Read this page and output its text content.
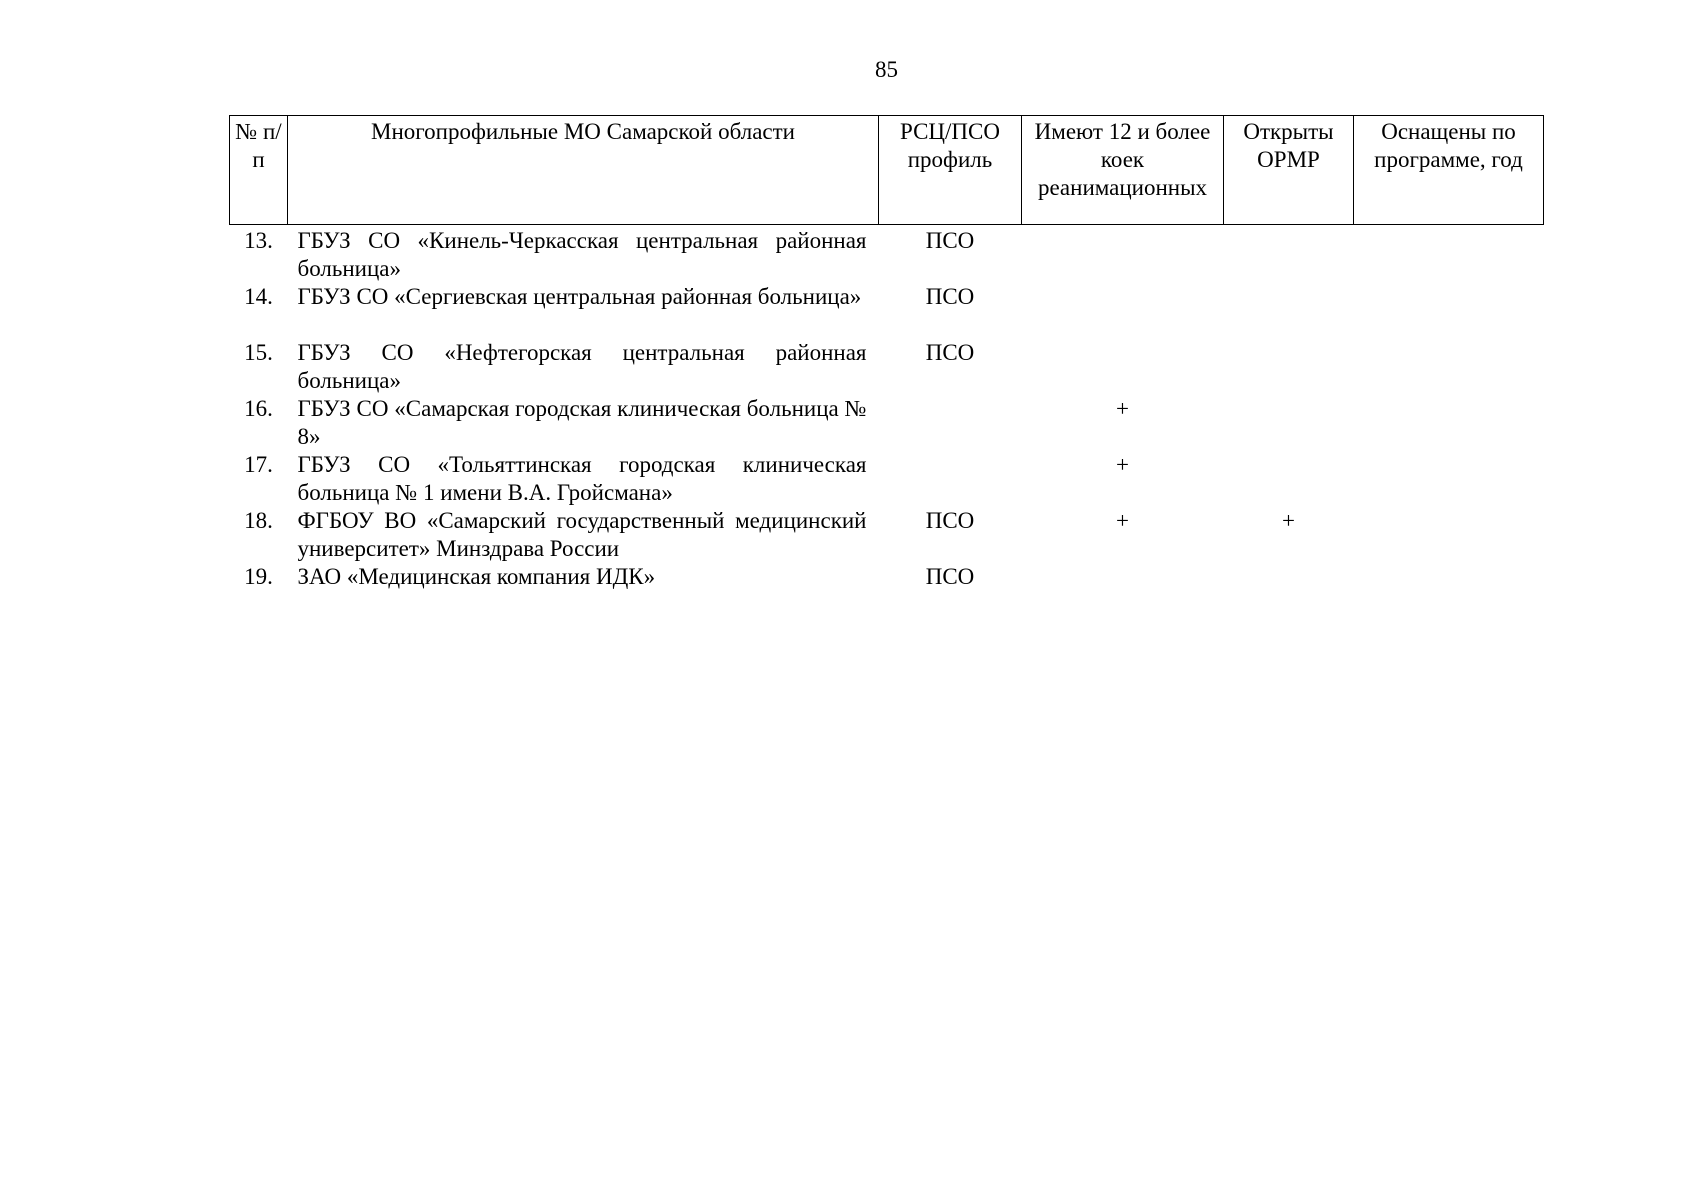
85
№ п/п	Многопрофильные МО Самарской области	РСЦ/ПСО профиль	Имеют 12 и более коек реанимационных	Открыты ОРМР	Оснащены по программе, год
13.	ГБУЗ СО «Кинель-Черкасская центральная районная больница»	ПСО			
14.	ГБУЗ СО «Сергиевская центральная районная больница»	ПСО			
15.	ГБУЗ СО «Нефтегорская центральная районная больница»	ПСО			
16.	ГБУЗ СО «Самарская городская клиническая больница № 8»		+		
17.	ГБУЗ СО «Тольяттинская городская клиническая больница № 1 имени В.А. Гройсмана»		+		
18.	ФГБОУ ВО «Самарский государственный медицинский университет» Минздрава России	ПСО	+	+	
19.	ЗАО «Медицинская компания ИДК»	ПСО			
